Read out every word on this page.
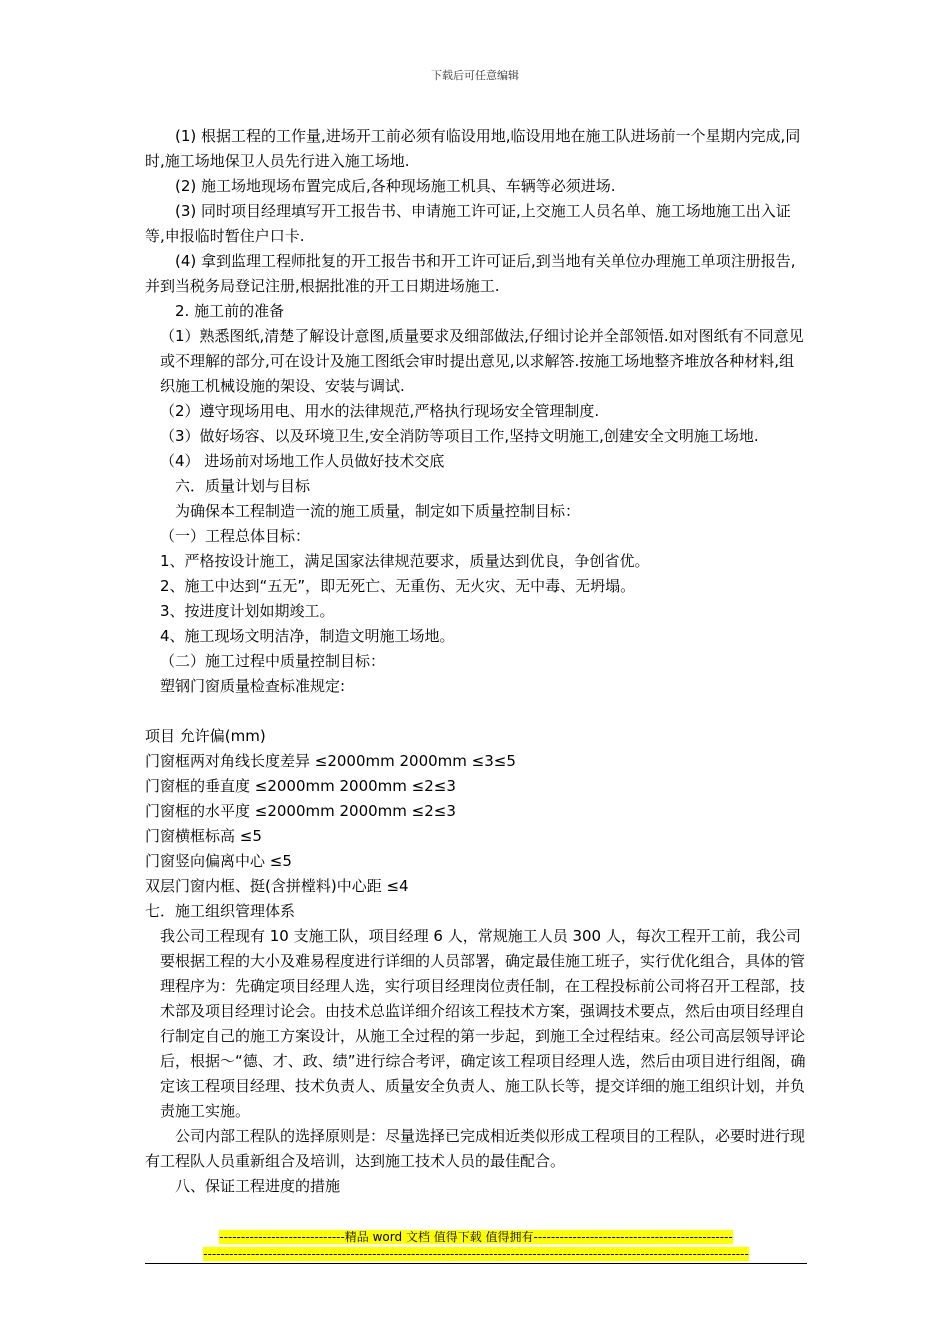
下载后可任意编辑

(1) 根据工程的工作量,进场开工前必须有临设用地,临设用地在施工队进场前一个星期内完成,同时,施工场地保卫人员先行进入施工场地.

(2) 施工场地现场布置完成后,各种现场施工机具、车辆等必须进场.

(3) 同时项目经理填写开工报告书、申请施工许可证,上交施工人员名单、施工场地施工出入证等,申报临时暂住户口卡.

(4) 拿到监理工程师批复的开工报告书和开工许可证后,到当地有关单位办理施工单项注册报告,并到当税务局登记注册,根据批准的开工日期进场施工.

2. 施工前的准备

（1）熟悉图纸,清楚了解设计意图,质量要求及细部做法,仔细讨论并全部领悟.如对图纸有不同意见或不理解的部分,可在设计及施工图纸会审时提出意见,以求解答.按施工场地整齐堆放各种材料,组织施工机械设施的架设、安装与调试.

（2）遵守现场用电、用水的法律规范,严格执行现场安全管理制度.

（3）做好场容、以及环境卫生,安全消防等项目工作,坚持文明施工,创建安全文明施工场地.

（4） 进场前对场地工作人员做好技术交底

六．质量计划与目标

为确保本工程制造一流的施工质量，制定如下质量控制目标：

（一）工程总体目标：

1、严格按设计施工，满足国家法律规范要求，质量达到优良，争创省优。

2、施工中达到“五无”，即无死亡、无重伤、无火灾、无中毒、无坍塌。

3、按进度计划如期竣工。

4、施工现场文明洁净，制造文明施工场地。

（二）施工过程中质量控制目标：

塑钢门窗质量检查标准规定:

项目 允许偏(mm)

门窗框两对角线长度差异 ≤2000mm 2000mm ≤3≤5

门窗框的垂直度 ≤2000mm 2000mm ≤2≤3

门窗框的水平度 ≤2000mm 2000mm ≤2≤3

门窗横框标高 ≤5

门窗竖向偏离中心 ≤5

双层门窗内框、挺(含拼樘料)中心距 ≤4

七．施工组织管理体系

我公司工程现有 10 支施工队，项目经理 6 人，常规施工人员 300 人，每次工程开工前，我公司要根据工程的大小及难易程度进行详细的人员部署，确定最佳施工班子，实行优化组合，具体的管理程序为：先确定项目经理人选，实行项目经理岗位责任制，在工程投标前公司将召开工程部，技术部及项目经理讨论会。由技术总监详细介绍该工程技术方案，强调技术要点，然后由项目经理自行制定自己的施工方案设计，从施工全过程的第一步起，到施工全过程结束。经公司高层领导评论后，根据～“德、才、政、绩”进行综合考评，确定该工程项目经理人选，然后由项目进行组阁，确定该工程项目经理、技术负责人、质量安全负责人、施工队长等，提交详细的施工组织计划，并负责施工实施。

公司内部工程队的选择原则是：尽量选择已完成相近类似形成工程项目的工程队，必要时进行现有工程队人员重新组合及培训，达到施工技术人员的最佳配合。

八、保证工程进度的措施

-----------------------------精品 word 文档 值得下载 值得拥有----------------------------------------------
------------------------------------------------------------------------------------------------------------------------------
